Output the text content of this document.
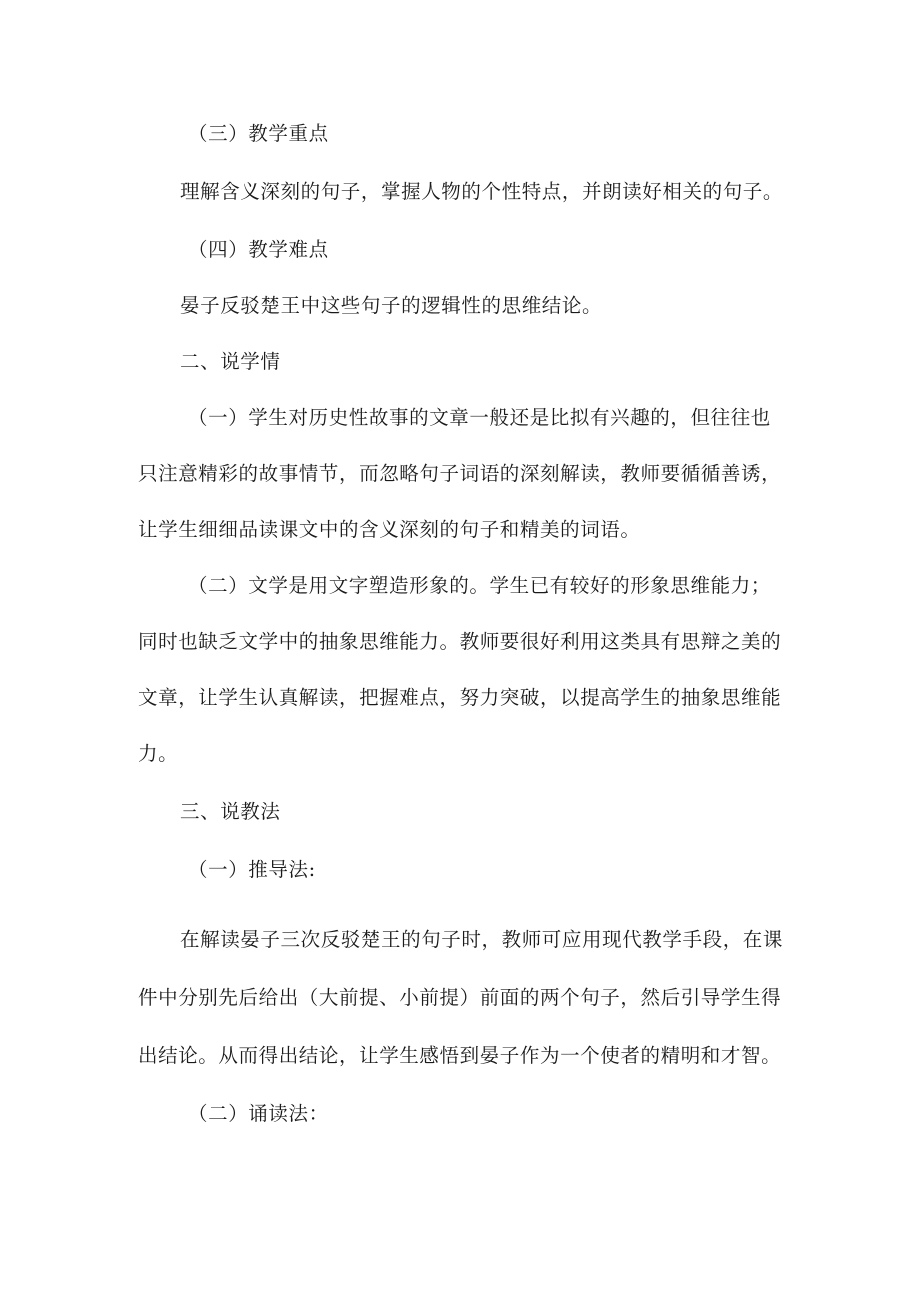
（三）教学重点

理解含义深刻的句子，掌握人物的个性特点，并朗读好相关的句子。

（四）教学难点

晏子反驳楚王中这些句子的逻辑性的思维结论。

二、说学情

（一）学生对历史性故事的文章一般还是比拟有兴趣的，但往往也

只注意精彩的故事情节，而忽略句子词语的深刻解读，教师要循循善诱，

让学生细细品读课文中的含义深刻的句子和精美的词语。

（二）文学是用文字塑造形象的。学生已有较好的形象思维能力；

同时也缺乏文学中的抽象思维能力。教师要很好利用这类具有思辩之美的

文章，让学生认真解读，把握难点，努力突破，以提高学生的抽象思维能

力。

三、说教法

（一）推导法:

在解读晏子三次反驳楚王的句子时，教师可应用现代教学手段，在课

件中分别先后给出（大前提、小前提）前面的两个句子，然后引导学生得

出结论。从而得出结论，让学生感悟到晏子作为一个使者的精明和才智。

（二）诵读法：
